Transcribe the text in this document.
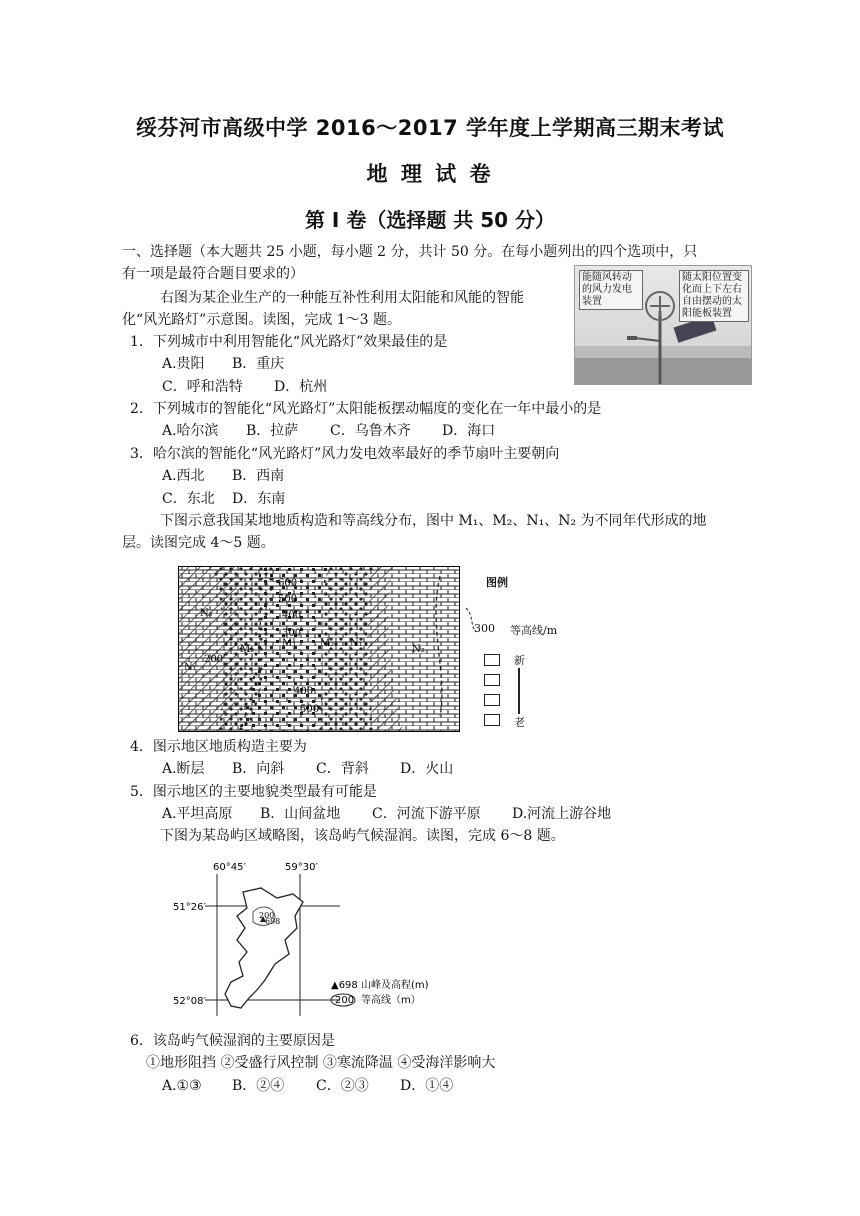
绥芬河市高级中学 2016～2017 学年度上学期高三期末考试
地 理 试 卷
第 I 卷（选择题 共 50 分）
一、选择题（本大题共 25 小题，每小题 2 分，共计 50 分。在每小题列出的四个选项中，只
有一项是最符合题目要求的）	能随风转动的风力发电装置
随太阳位置变化而上下左右自由摆动的太阳能板装置
右图为某企业生产的一种能互补性利用太阳能和风能的智能
化“风光路灯”示意图。读图，完成 1～3 题。
1．下列城市中利用智能化“风光路灯”效果最佳的是
A.贵阳 B．重庆
C．呼和浩特 D．杭州
2．下列城市的智能化“风光路灯”太阳能板摆动幅度的变化在一年中最小的是
A.哈尔滨 B．拉萨 C．乌鲁木齐 D．海口
3．哈尔滨的智能化“风光路灯”风力发电效率最好的季节扇叶主要朝向
A.西北 B．西南
C．东北 D．东南
下图示意我国某地地质构造和等高线分布，图中 M₁、M₂、N₁、N₂ 为不同年代形成的地
层。读图完成 4～5 题。
N₂
N₁
M₂
M₁ M₂ N₁
N₂
600
500
400
300
200
400
500
图例
300 等高线/m
新
老
4．图示地区地质构造主要为
A.断层 B．向斜 C．背斜 D．火山
5．图示地区的主要地貌类型最有可能是
A.平坦高原 B．山间盆地 C．河流下游平原 D.河流上游谷地
下图为某岛屿区域略图，该岛屿气候湿润。读图，完成 6～8 题。
698
200
60°45′	59°30′
51°26′
52°08′
▲698 山峰及高程(m)
200 等高线（m）
6．该岛屿气候湿润的主要原因是
①地形阻挡 ②受盛行风控制 ③寒流降温 ④受海洋影响大
A.①③ B．②④ C．②③ D．①④
